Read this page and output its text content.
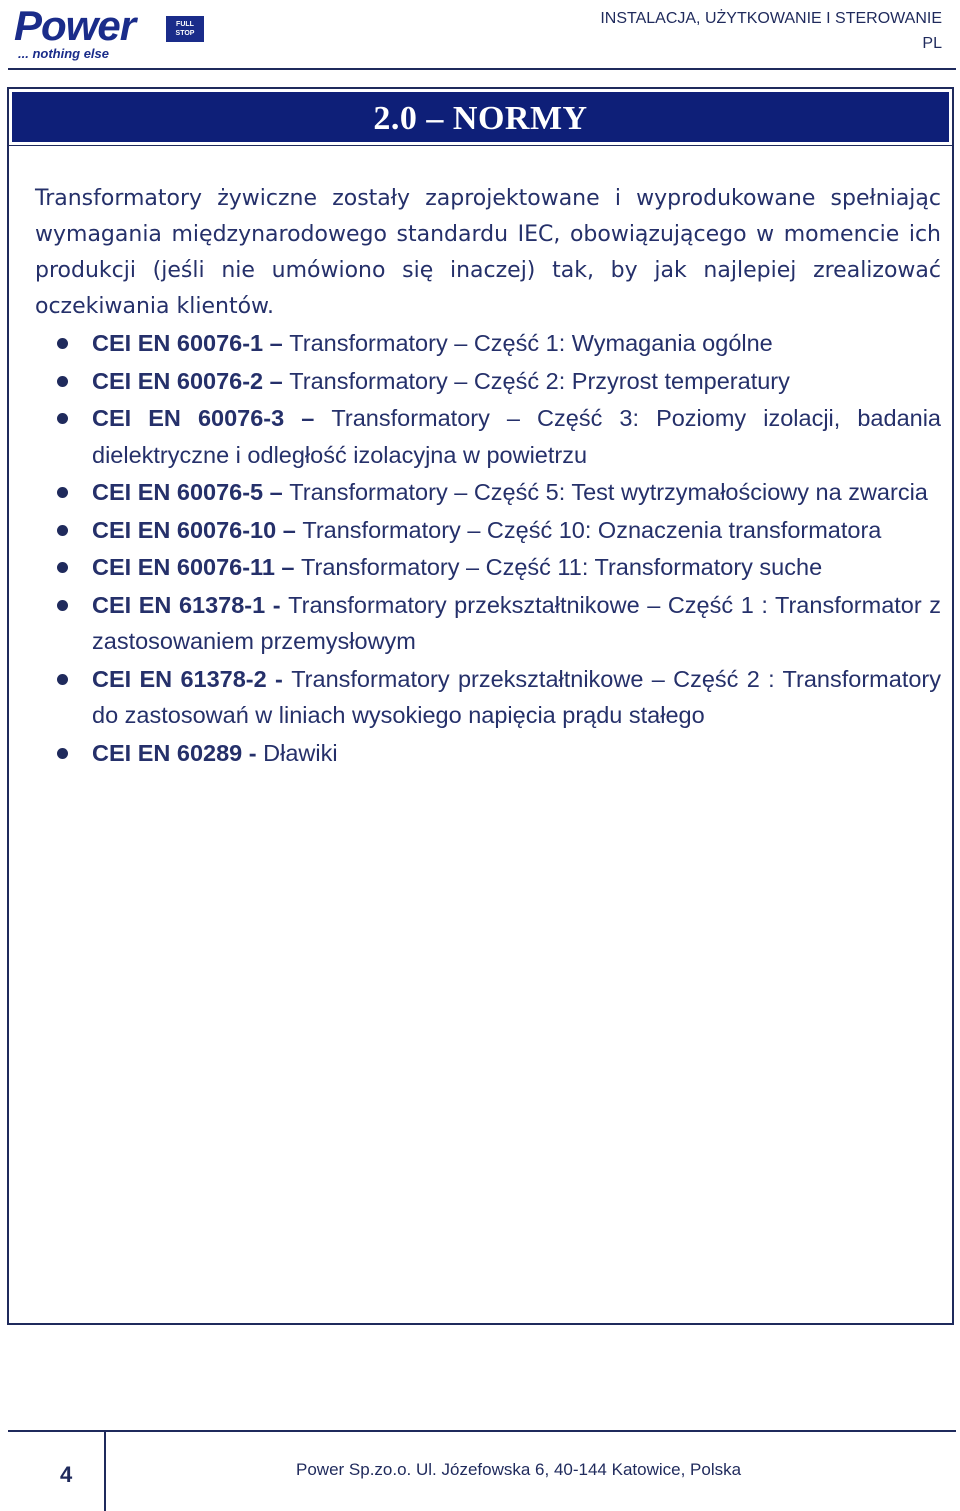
Power	FULL
STOP
... nothing else
INSTALACJA, UŻYTKOWANIE I STEROWANIE
PL
2.0 – NORMY

Transformatory żywiczne zostały zaprojektowane i wyprodukowane spełniając wymagania międzynarodowego standardu IEC, obowiązującego w momencie ich produkcji (jeśli nie umówiono się inaczej) tak, by jak najlepiej zrealizować oczekiwania klientów.

CEI EN 60076-1 – Transformatory – Część 1: Wymagania ogólne
CEI EN 60076-2 – Transformatory – Część 2: Przyrost temperatury
CEI EN 60076-3 – Transformatory – Część 3: Poziomy izolacji, badania dielektryczne i odległość izolacyjna w powietrzu
CEI EN 60076-5 – Transformatory – Część 5: Test wytrzymałościowy na zwarcia
CEI EN 60076-10 – Transformatory – Część 10: Oznaczenia transformatora
CEI EN 60076-11 – Transformatory – Część 11: Transformatory suche
CEI EN 61378-1 - Transformatory przekształtnikowe – Część 1 : Transformator z zastosowaniem przemysłowym
CEI EN 61378-2 - Transformatory przekształtnikowe – Część 2 : Transformatory do zastosowań w liniach wysokiego napięcia prądu stałego
CEI EN 60289 - Dławiki
4	Power Sp.zo.o. Ul. Józefowska 6, 40-144 Katowice, Polska
